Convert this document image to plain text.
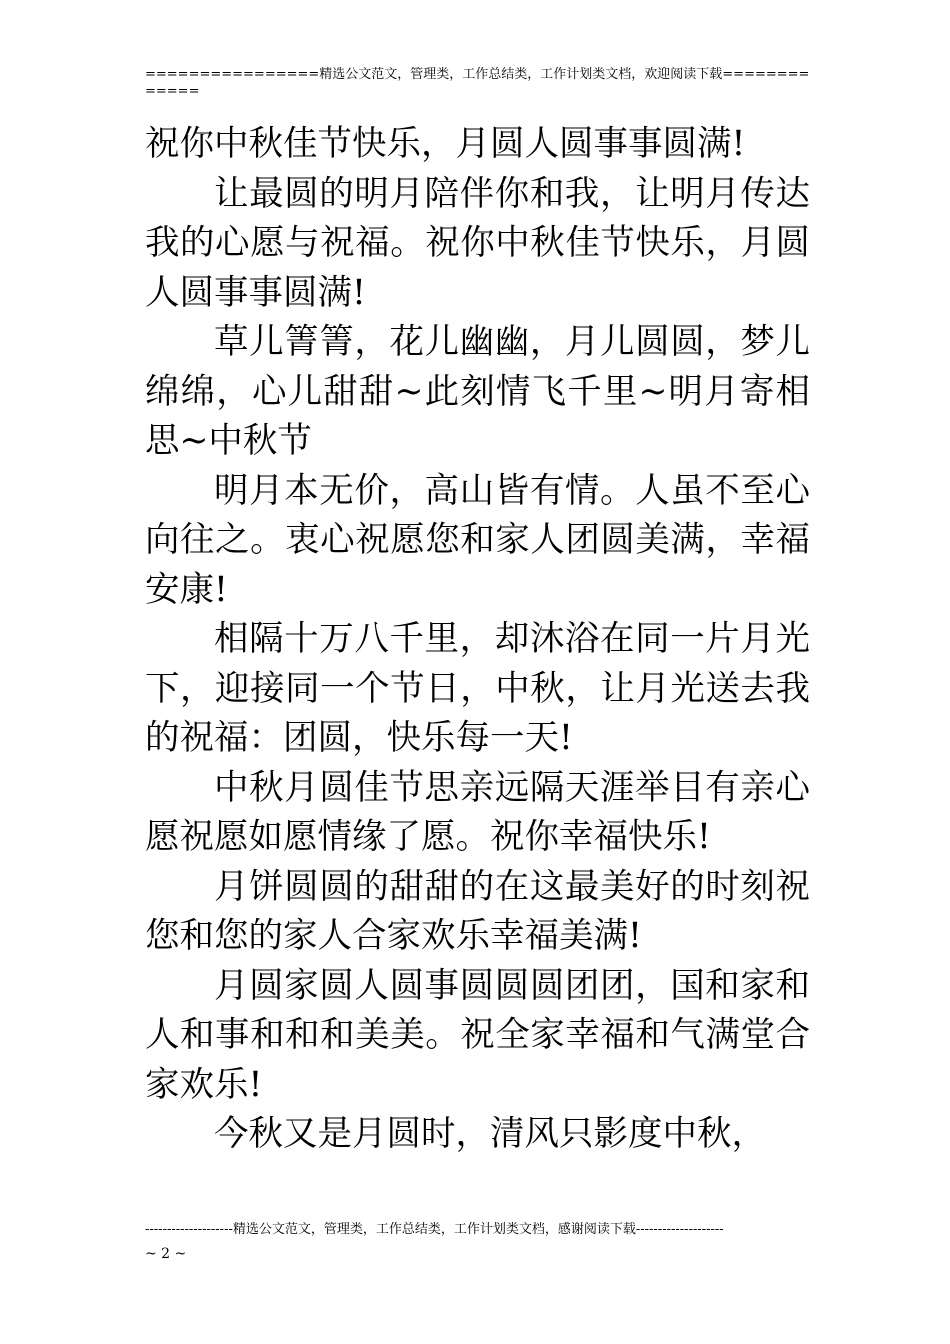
================精选公文范文，管理类，工作总结类，工作计划类文档，欢迎阅读下载=============

祝你中秋佳节快乐，月圆人圆事事圆满!

让最圆的明月陪伴你和我，让明月传达我的心愿与祝福。祝你中秋佳节快乐，月圆人圆事事圆满!

草儿箐箐，花儿幽幽，月儿圆圆，梦儿绵绵，心儿甜甜~此刻情飞千里~明月寄相思~中秋节

明月本无价，高山皆有情。人虽不至心向往之。衷心祝愿您和家人团圆美满，幸福安康!

相隔十万八千里，却沐浴在同一片月光下，迎接同一个节日，中秋，让月光送去我的祝福：团圆，快乐每一天!

中秋月圆佳节思亲远隔天涯举目有亲心愿祝愿如愿情缘了愿。祝你幸福快乐!

月饼圆圆的甜甜的在这最美好的时刻祝您和您的家人合家欢乐幸福美满!

月圆家圆人圆事圆圆圆团团，国和家和人和事和和和美美。祝全家幸福和气满堂合家欢乐!

今秋又是月圆时，清风只影度中秋，

--------------------精选公文范文，管理类，工作总结类，工作计划类文档，感谢阅读下载--------------------
~ 2 ~
